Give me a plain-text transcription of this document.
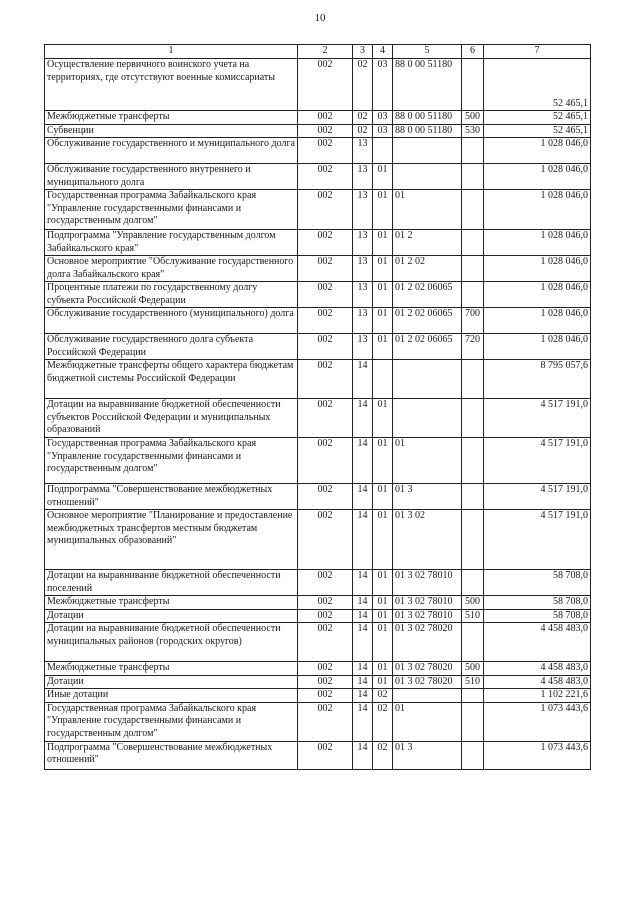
10
1	2	3	4	5	6	7
Осуществление первичного воинского учета на территориях, где отсутствуют военные комиссариаты	002	02	03	88 0 00 51180		52 465,1
Межбюджетные трансферты	002	02	03	88 0 00 51180	500	52 465,1
Субвенции	002	02	03	88 0 00 51180	530	52 465,1
Обслуживание государственного и муниципального долга	002	13				1 028 046,0
Обслуживание государственного внутреннего и муниципального долга	002	13	01			1 028 046,0
Государственная программа Забайкальского края "Управление государственными финансами и государственным долгом"	002	13	01	01		1 028 046,0
Подпрограмма "Управление государственным долгом Забайкальского края"	002	13	01	01 2		1 028 046,0
Основное мероприятие "Обслуживание государственного долга Забайкальского края"	002	13	01	01 2 02		1 028 046,0
Процентные платежи по государственному долгу субъекта Российской Федерации	002	13	01	01 2 02 06065		1 028 046,0
Обслуживание государственного (муниципального) долга	002	13	01	01 2 02 06065	700	1 028 046,0
Обслуживание государственного долга субъекта Российской Федерации	002	13	01	01 2 02 06065	720	1 028 046,0
Межбюджетные трансферты общего характера бюджетам бюджетной системы Российской Федерации	002	14				8 795 057,6
Дотации на выравнивание бюджетной обеспеченности субъектов Российской Федерации и муниципальных образований	002	14	01			4 517 191,0
Государственная программа Забайкальского края "Управление государственными финансами и государственным долгом"	002	14	01	01		4 517 191,0
Подпрограмма "Совершенствование межбюджетных отношений"	002	14	01	01 3		4 517 191,0
Основное мероприятие "Планирование и предоставление межбюджетных трансфертов местным бюджетам муниципальных образований"	002	14	01	01 3 02		4 517 191,0
Дотации на выравнивание бюджетной обеспеченности поселений	002	14	01	01 3 02 78010		58 708,0
Межбюджетные трансферты	002	14	01	01 3 02 78010	500	58 708,0
Дотации	002	14	01	01 3 02 78010	510	58 708,0
Дотации на выравнивание бюджетной обеспеченности муниципальных районов (городских округов)	002	14	01	01 3 02 78020		4 458 483,0
Межбюджетные трансферты	002	14	01	01 3 02 78020	500	4 458 483,0
Дотации	002	14	01	01 3 02 78020	510	4 458 483,0
Иные дотации	002	14	02			1 102 221,6
Государственная программа Забайкальского края "Управление государственными финансами и государственным долгом"	002	14	02	01		1 073 443,6
Подпрограмма "Совершенствование межбюджетных отношений"	002	14	02	01 3		1 073 443,6
